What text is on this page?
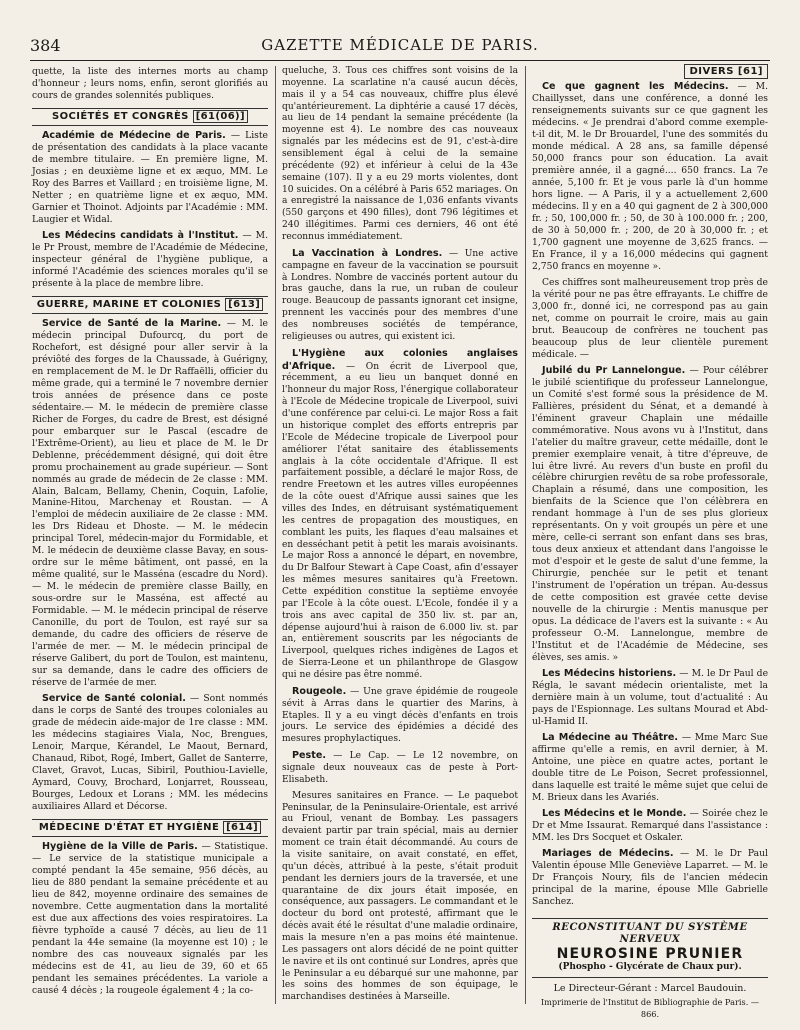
384	GAZETTE MÉDICALE DE PARIS.

quette, la liste des internes morts au champ d'honneur ; leurs noms, enfin, seront glorifiés au cours de grandes solennités publiques.

SOCIÉTÉS ET CONGRÈS [61(06)]

Académie de Médecine de Paris. — Liste de présentation des candidats à la place vacante de membre titulaire. — En première ligne, M. Josias ; en deuxième ligne et ex æquo, MM. Le Roy des Barres et Vaillard ; en troisième ligne, M. Netter ; en quatrième ligne et ex æquo, MM. Garnier et Thoinot. Adjoints par l'Académie : MM. Laugier et Widal.

Les Médecins candidats à l'Institut. — M. le Pr Proust, membre de l'Académie de Médecine, inspecteur général de l'hygiène publique, a informé l'Académie des sciences morales qu'il se présente à la place de membre libre.

GUERRE, MARINE ET COLONIES [613]

Service de Santé de la Marine. — M. le médecin principal Dufourcq, du port de Rochefort, est désigné pour aller servir à la préviôté des forges de la Chaussade, à Guérigny, en remplacement de M. le Dr Raffaëlli, officier du même grade, qui a terminé le 7 novembre dernier trois années de présence dans ce poste sédentaire.— M. le médecin de première classe Richer de Forges, du cadre de Brest, est désigné pour embarquer sur le Pascal (escadre de l'Extrême-Orient), au lieu et place de M. le Dr Deblenne, précédemment désigné, qui doit être promu prochainement au grade supérieur. — Sont nommés au grade de médecin de 2e classe : MM. Alain, Balcam, Bellamy, Chenin, Coquin, Lafolie, Manine-Hitou, Marchenay et Roustan. — A l'emploi de médecin auxiliaire de 2e classe : MM. les Drs Rideau et Dhoste. — M. le médecin principal Torel, médecin-major du Formidable, et M. le médecin de deuxième classe Bavay, en sous-ordre sur le même bâtiment, ont passé, en la même qualité, sur le Masséna (escadre du Nord). — M. le médecin de première classe Bailly, en sous-ordre sur le Masséna, est affecté au Formidable. — M. le médecin principal de réserve Canonille, du port de Toulon, est rayé sur sa demande, du cadre des officiers de réserve de l'armée de mer. — M. le médecin principal de réserve Galibert, du port de Toulon, est maintenu, sur sa demande, dans le cadre des officiers de réserve de l'armée de mer.

Service de Santé colonial. — Sont nommés dans le corps de Santé des troupes coloniales au grade de médecin aide-major de 1re classe : MM. les médecins stagiaires Viala, Noc, Brengues, Lenoir, Marque, Kérandel, Le Maout, Bernard, Chanaud, Ribot, Rogé, Imbert, Gallet de Santerre, Clavet, Gravot, Lucas, Sibiril, Pouthiou-Lavielle, Aymard, Couvy, Brochard, Lonjarret, Rousseau, Bourges, Ledoux et Lorans ; MM. les médecins auxiliaires Allard et Décorse.

MÉDECINE D'ÉTAT ET HYGIÈNE [614]

Hygiène de la Ville de Paris. — Statistique. — Le service de la statistique municipale a compté pendant la 45e semaine, 956 décès, au lieu de 880 pendant la semaine précédente et au lieu de 842, moyenne ordinaire des semaines de novembre. Cette augmentation dans la mortalité est due aux affections des voies respiratoires. La fièvre typhoïde a causé 7 décès, au lieu de 11 pendant la 44e semaine (la moyenne est 10) ; le nombre des cas nouveaux signalés par les médecins est de 41, au lieu de 39, 60 et 65 pendant les semaines précédentes. La variole a causé 4 décès ; la rougeole également 4 ; la co-

queluche, 3. Tous ces chiffres sont voisins de la moyenne. La scarlatine n'a causé aucun décès, mais il y a 54 cas nouveaux, chiffre plus élevé qu'antérieurement. La diphtérie a causé 17 décès, au lieu de 14 pendant la semaine précédente (la moyenne est 4). Le nombre des cas nouveaux signalés par les médecins est de 91, c'est-à-dire sensiblement égal à celui de la semaine précédente (92) et inférieur à celui de la 43e semaine (107). Il y a eu 29 morts violentes, dont 10 suicides. On a célébré à Paris 652 mariages. On a enregistré la naissance de 1,036 enfants vivants (550 garçons et 490 filles), dont 796 légitimes et 240 illégitimes. Parmi ces derniers, 46 ont été reconnus immédiatement.

La Vaccination à Londres. — Une active campagne en faveur de la vaccination se poursuit à Londres. Nombre de vaccinés portent autour du bras gauche, dans la rue, un ruban de couleur rouge. Beaucoup de passants ignorant cet insigne, prennent les vaccinés pour des membres d'une des nombreuses sociétés de tempérance, religieuses ou autres, qui existent ici.

L'Hygiène aux colonies anglaises d'Afrique. — On écrit de Liverpool que, récemment, a eu lieu un banquet donné en l'honneur du major Ross, l'énergique collaborateur à l'Ecole de Médecine tropicale de Liverpool, suivi d'une conférence par celui-ci. Le major Ross a fait un historique complet des efforts entrepris par l'Ecole de Médecine tropicale de Liverpool pour améliorer l'état sanitaire des établissements anglais à la côte occidentale d'Afrique. Il est parfaitement possible, a déclaré le major Ross, de rendre Freetown et les autres villes européennes de la côte ouest d'Afrique aussi saines que les villes des Indes, en détruisant systématiquement les centres de propagation des moustiques, en comblant les puits, les flaques d'eau malsaines et en desséchant petit à petit les marais avoisinants. Le major Ross a annoncé le départ, en novembre, du Dr Balfour Stewart à Cape Coast, afin d'essayer les mêmes mesures sanitaires qu'à Freetown. Cette expédition constitue la septième envoyée par l'Ecole à la côte ouest. L'Ecole, fondée il y a trois ans avec capital de 350 liv. st. par an, dépense aujourd'hui à raison de 6.000 liv. st. par an, entièrement souscrits par les négociants de Liverpool, quelques riches indigènes de Lagos et de Sierra-Leone et un philanthrope de Glasgow qui ne désire pas être nommé.

Rougeole. — Une grave épidémie de rougeole sévit à Arras dans le quartier des Marins, à Etaples. Il y a eu vingt décès d'enfants en trois jours. Le service des épidémies a décidé des mesures prophylactiques.

Peste. — Le Cap. — Le 12 novembre, on signale deux nouveaux cas de peste à Port-Elisabeth.

Mesures sanitaires en France. — Le paquebot Peninsular, de la Peninsulaire-Orientale, est arrivé au Frioul, venant de Bombay. Les passagers devaient partir par train spécial, mais au dernier moment ce train était décommandé. Au cours de la visite sanitaire, on avait constaté, en effet, qu'un décès, attribué à la peste, s'était produit pendant les derniers jours de la traversée, et une quarantaine de dix jours était imposée, en conséquence, aux passagers. Le commandant et le docteur du bord ont protesté, affirmant que le décès avait été le résultat d'une maladie ordinaire, mais la mesure n'en a pas moins été maintenue. Les passagers ont alors décidé de ne point quitter le navire et ils ont continué sur Londres, après que le Peninsular a eu débarqué sur une mahonne, par les soins des hommes de son équipage, le marchandises destinées à Marseille.

DIVERS [61]

Ce que gagnent les Médecins. — M. Chaillysset, dans une conférence, a donné les renseignements suivants sur ce que gagnent les médecins. « Je prendrai d'abord comme exemple-t-il dit, M. le Dr Brouardel, l'une des sommités du monde médical. A 28 ans, sa famille dépensé 50,000 francs pour son éducation. La avait première année, il a gagné.... 650 francs. La 7e année, 5,100 fr. Et je vous parle là d'un homme hors ligne. — A Paris, il y a actuellement 2,600 médecins. Il y en a 40 qui gagnent de 2 à 300,000 fr. ; 50, 100,000 fr. ; 50, de 30 à 100.000 fr. ; 200, de 30 à 50,000 fr. ; 200, de 20 à 30,000 fr. ; et 1,700 gagnent une moyenne de 3,625 francs. — En France, il y a 16,000 médecins qui gagnent 2,750 francs en moyenne ».

Ces chiffres sont malheureusement trop près de la vérité pour ne pas être effrayants. Le chiffre de 3,000 fr., donné ici, ne correspond pas au gain net, comme on pourrait le croire, mais au gain brut. Beaucoup de confrères ne touchent pas beaucoup plus de leur clientèle purement médicale. —

Jubilé du Pr Lannelongue. — Pour célébrer le jubilé scientifique du professeur Lannelongue, un Comité s'est formé sous la présidence de M. Fallières, président du Sénat, et a demandé à l'éminent graveur Chaplain une médaille commémorative. Nous avons vu à l'Institut, dans l'atelier du maître graveur, cette médaille, dont le premier exemplaire venait, à titre d'épreuve, de lui être livré. Au revers d'un buste en profil du célèbre chirurgien revêtu de sa robe professorale, Chaplain a résumé, dans une composition, les bienfaits de la Science que l'on célèbrera en rendant hommage à l'un de ses plus glorieux représentants. On y voit groupés un père et une mère, celle-ci serrant son enfant dans ses bras, tous deux anxieux et attendant dans l'angoisse le mot d'espoir et le geste de salut d'une femme, la Chirurgie, penchée sur le petit et tenant l'instrument de l'opération un trépan. Au-dessus de cette composition est gravée cette devise nouvelle de la chirurgie : Mentis manusque per opus. La dédicace de l'avers est la suivante : « Au professeur O.-M. Lannelongue, membre de l'Institut et de l'Académie de Médecine, ses élèves, ses amis. »

Les Médecins historiens. — M. le Dr Paul de Régla, le savant médecin orientaliste, met la dernière main à un volume, tout d'actualité : Au pays de l'Espionnage. Les sultans Mourad et Abd-ul-Hamid II.

La Médecine au Théâtre. — Mme Marc Sue affirme qu'elle a remis, en avril dernier, à M. Antoine, une pièce en quatre actes, portant le double titre de Le Poison, Secret professionnel, dans laquelle est traité le même sujet que celui de M. Brieux dans les Avariés.

Les Médecins et le Monde. — Soirée chez le Dr et Mme Issaurat. Remarqué dans l'assistance : MM. les Drs Socquet et Oskaler.

Mariages de Médecins. — M. le Dr Paul Valentin épouse Mlle Geneviève Laparret. — M. le Dr François Noury, fils de l'ancien médecin principal de la marine, épouse Mlle Gabrielle Sanchez.

RECONSTITUANT DU SYSTÈME NERVEUX
NEUROSINE PRUNIER
(Phospho - Glycérate de Chaux pur).
Le Directeur-Gérant : Marcel Baudouin.
Imprimerie de l'Institut de Bibliographie de Paris. — 866.
